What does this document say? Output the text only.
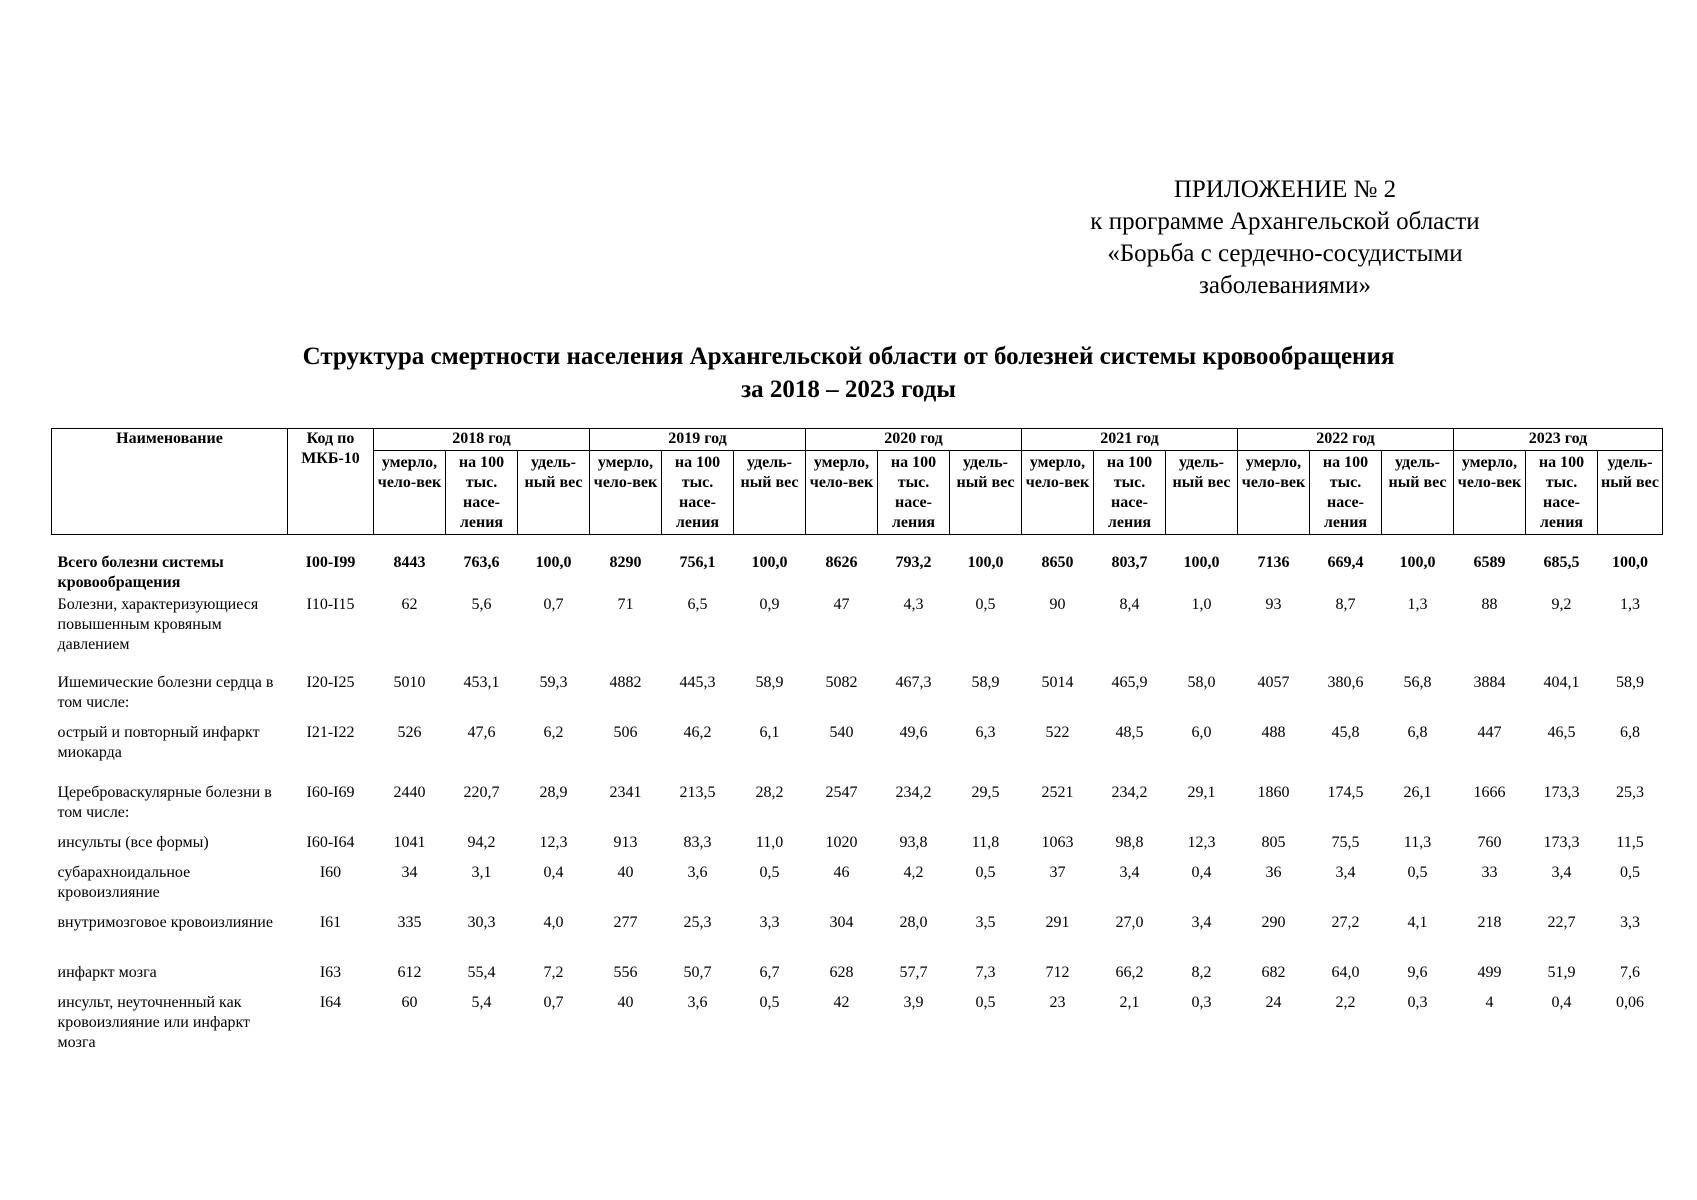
ПРИЛОЖЕНИЕ № 2
к программе Архангельской области
«Борьба с сердечно-сосудистыми
заболеваниями»
Структура смертности населения Архангельской области от болезней системы кровообращения
за 2018 – 2023 годы
Наименование	Код по МКБ-10	2018 год			2019 год			2020 год			2021 год			2022 год			2023 год		
		умерло, чело-век	на 100 тыс. насе-ления	удель-ный вес	умерло, чело-век	на 100 тыс. насе-ления	удель-ный вес	умерло, чело-век	на 100 тыс. насе-ления	удель-ный вес	умерло, чело-век	на 100 тыс. насе-ления	удель-ный вес	умерло, чело-век	на 100 тыс. насе-ления	удель-ный вес	умерло, чело-век	на 100 тыс. насе-ления	удель-ный вес
Всего болезни системы кровообращения	I00-I99	8443	763,6	100,0	8290	756,1	100,0	8626	793,2	100,0	8650	803,7	100,0	7136	669,4	100,0	6589	685,5	100,0
Болезни, характеризующиеся повышенным кровяным давлением	I10-I15	62	5,6	0,7	71	6,5	0,9	47	4,3	0,5	90	8,4	1,0	93	8,7	1,3	88	9,2	1,3
Ишемические болезни сердца в том числе:	I20-I25	5010	453,1	59,3	4882	445,3	58,9	5082	467,3	58,9	5014	465,9	58,0	4057	380,6	56,8	3884	404,1	58,9
острый и повторный инфаркт миокарда	I21-I22	526	47,6	6,2	506	46,2	6,1	540	49,6	6,3	522	48,5	6,0	488	45,8	6,8	447	46,5	6,8
Цереброваскулярные болезни в том числе:	I60-I69	2440	220,7	28,9	2341	213,5	28,2	2547	234,2	29,5	2521	234,2	29,1	1860	174,5	26,1	1666	173,3	25,3
инсульты (все формы)	I60-I64	1041	94,2	12,3	913	83,3	11,0	1020	93,8	11,8	1063	98,8	12,3	805	75,5	11,3	760	173,3	11,5
субарахноидальное кровоизлияние	I60	34	3,1	0,4	40	3,6	0,5	46	4,2	0,5	37	3,4	0,4	36	3,4	0,5	33	3,4	0,5
внутримозговое кровоизлияние	I61	335	30,3	4,0	277	25,3	3,3	304	28,0	3,5	291	27,0	3,4	290	27,2	4,1	218	22,7	3,3
инфаркт мозга	I63	612	55,4	7,2	556	50,7	6,7	628	57,7	7,3	712	66,2	8,2	682	64,0	9,6	499	51,9	7,6
инсульт, неуточненный как кровоизлияние или инфаркт мозга	I64	60	5,4	0,7	40	3,6	0,5	42	3,9	0,5	23	2,1	0,3	24	2,2	0,3	4	0,4	0,06
